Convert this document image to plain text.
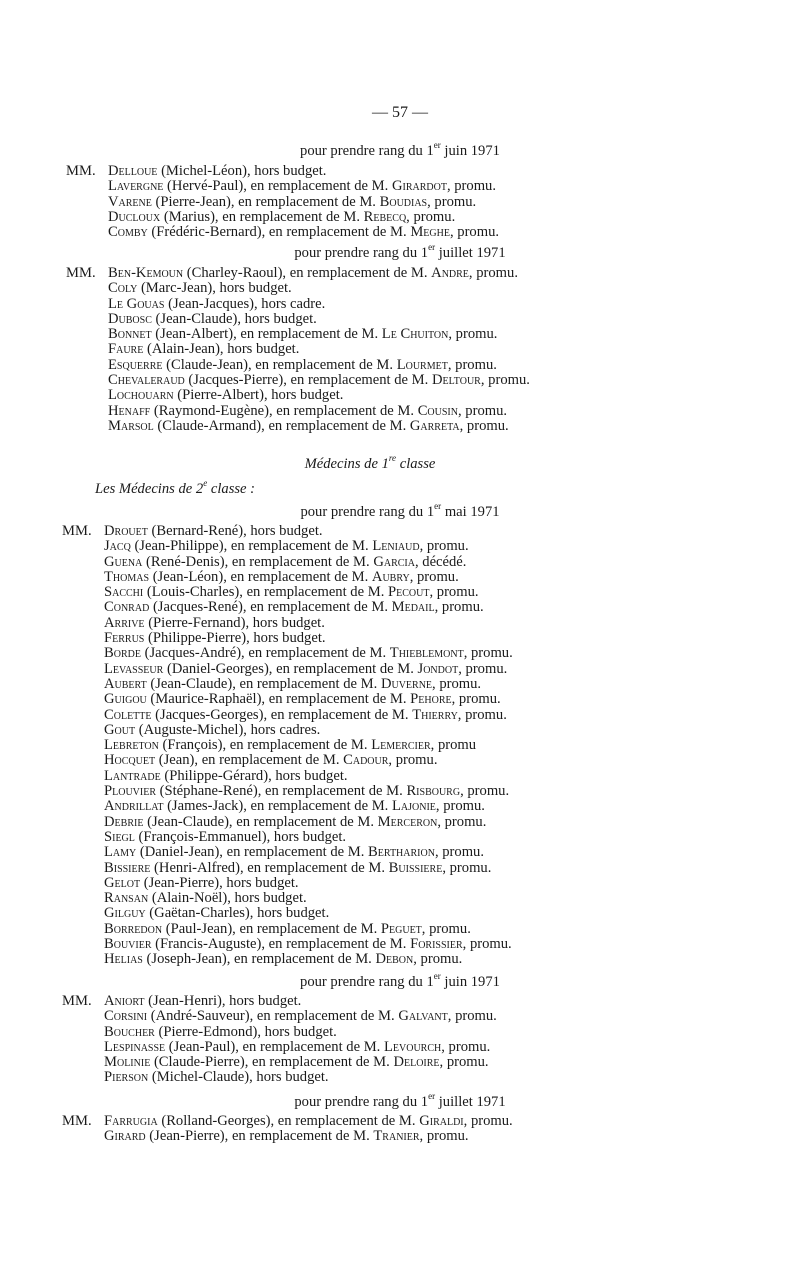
— 57 —
pour prendre rang du 1er juin 1971
MM. Delloue (Michel-Léon), hors budget.
Lavergne (Hervé-Paul), en remplacement de M. Girardot, promu.
Varene (Pierre-Jean), en remplacement de M. Boudias, promu.
Ducloux (Marius), en remplacement de M. Rebecq, promu.
Comby (Frédéric-Bernard), en remplacement de M. Meghe, promu.
pour prendre rang du 1er juillet 1971
MM. Ben-Kemoun (Charley-Raoul), en remplacement de M. Andre, promu.
Coly (Marc-Jean), hors budget.
Le Gouas (Jean-Jacques), hors cadre.
Dubosc (Jean-Claude), hors budget.
Bonnet (Jean-Albert), en remplacement de M. Le Chuiton, promu.
Faure (Alain-Jean), hors budget.
Esquerre (Claude-Jean), en remplacement de M. Lourmet, promu.
Chevaleraud (Jacques-Pierre), en remplacement de M. Deltour, promu.
Lochouarn (Pierre-Albert), hors budget.
Henaff (Raymond-Eugène), en remplacement de M. Cousin, promu.
Marsol (Claude-Armand), en remplacement de M. Garreta, promu.
Médecins de 1re classe
Les Médecins de 2e classe :
pour prendre rang du 1er mai 1971
MM. Drouet (Bernard-René), hors budget.
Jacq (Jean-Philippe), en remplacement de M. Leniaud, promu.
Guena (René-Denis), en remplacement de M. Garcia, décédé.
Thomas (Jean-Léon), en remplacement de M. Aubry, promu.
Sacchi (Louis-Charles), en remplacement de M. Pecout, promu.
Conrad (Jacques-René), en remplacement de M. Medail, promu.
Arrive (Pierre-Fernand), hors budget.
Ferrus (Philippe-Pierre), hors budget.
Borde (Jacques-André), en remplacement de M. Thieblemont, promu.
Levasseur (Daniel-Georges), en remplacement de M. Jondot, promu.
Aubert (Jean-Claude), en remplacement de M. Duverne, promu.
Guigou (Maurice-Raphaël), en remplacement de M. Pehore, promu.
Colette (Jacques-Georges), en remplacement de M. Thierry, promu.
Gout (Auguste-Michel), hors cadres.
Lebreton (François), en remplacement de M. Lemercier, promu
Hocquet (Jean), en remplacement de M. Cadour, promu.
Lantrade (Philippe-Gérard), hors budget.
Plouvier (Stéphane-René), en remplacement de M. Risbourg, promu.
Andrillat (James-Jack), en remplacement de M. Lajonie, promu.
Debrie (Jean-Claude), en remplacement de M. Merceron, promu.
Siegl (François-Emmanuel), hors budget.
Lamy (Daniel-Jean), en remplacement de M. Bertharion, promu.
Bissiere (Henri-Alfred), en remplacement de M. Buissiere, promu.
Gelot (Jean-Pierre), hors budget.
Ransan (Alain-Noël), hors budget.
Gilguy (Gaëtan-Charles), hors budget.
Borredon (Paul-Jean), en remplacement de M. Peguet, promu.
Bouvier (Francis-Auguste), en remplacement de M. Forissier, promu.
Helias (Joseph-Jean), en remplacement de M. Debon, promu.
pour prendre rang du 1er juin 1971
MM. Aniort (Jean-Henri), hors budget.
Corsini (André-Sauveur), en remplacement de M. Galvant, promu.
Boucher (Pierre-Edmond), hors budget.
Lespinasse (Jean-Paul), en remplacement de M. Levourch, promu.
Molinie (Claude-Pierre), en remplacement de M. Deloire, promu.
Pierson (Michel-Claude), hors budget.
pour prendre rang du 1er juillet 1971
MM. Farrugia (Rolland-Georges), en remplacement de M. Giraldi, promu.
Girard (Jean-Pierre), en remplacement de M. Tranier, promu.
